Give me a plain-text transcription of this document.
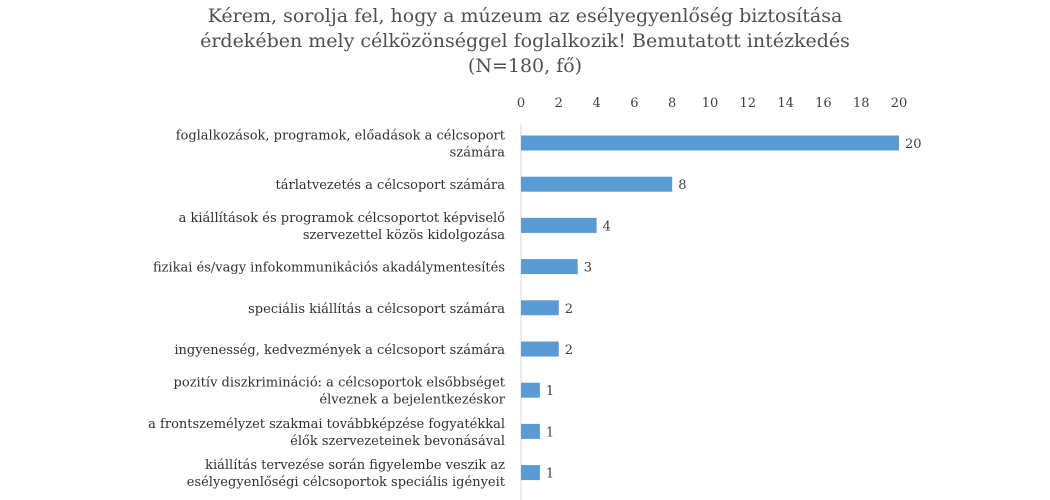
Kérem, sorolja fel, hogy a múzeum az esélyegyenlőség biztosítása
érdekében mely célközönséggel foglalkozik! Bemutatott intézkedés
(N=180, fő)
0 2 4 6 8 10 12 14 16 18 20
20
foglalkozások, programok, előadások a célcsoport
számára
8
tárlatvezetés a célcsoport számára
4
a kiállítások és programok célcsoportot képviselő
szervezettel közös kidolgozása
3
fizikai és/vagy infokommunikációs akadálymentesítés
2
speciális kiállítás a célcsoport számára
2
ingyenesség, kedvezmények a célcsoport számára
1
pozitív diszkrimináció: a célcsoportok elsőbbséget
élveznek a bejelentkezéskor
1
a frontszemélyzet szakmai továbbképzése fogyatékkal
élők szervezeteinek bevonásával
1
kiállítás tervezése során figyelembe veszik az
esélyegyenlőségi célcsoportok speciális igényeit
